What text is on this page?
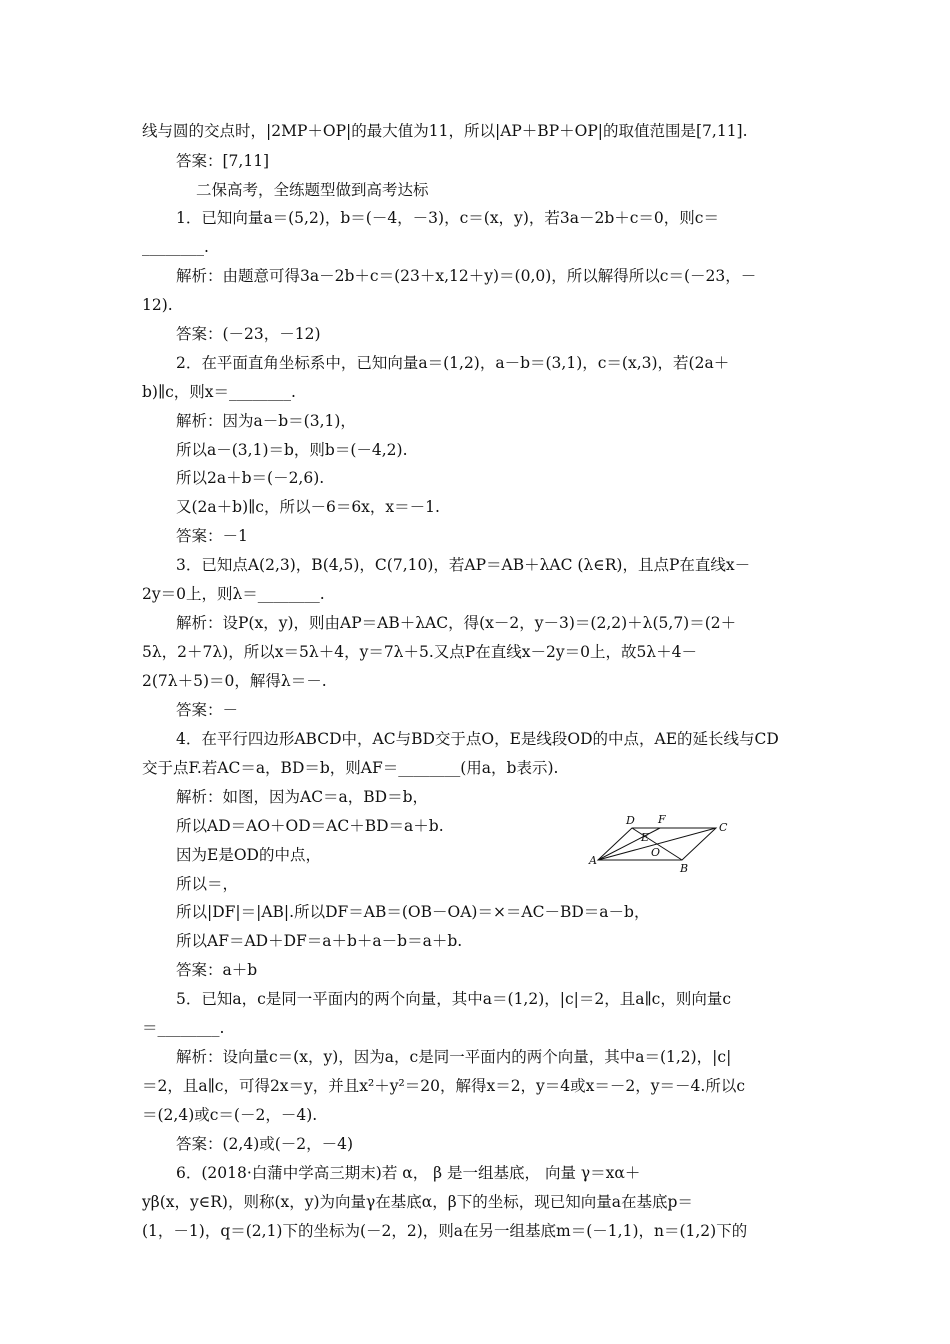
线与圆的交点时，|2MP＋OP|的最大值为11，所以|AP＋BP＋OP|的取值范围是[7,11].
答案：[7,11]
二保高考，全练题型做到高考达标
1．已知向量a＝(5,2)，b＝(－4，－3)，c＝(x，y)，若3a－2b＋c＝0，则c＝
________.
解析：由题意可得3a－2b＋c＝(23＋x,12＋y)＝(0,0)，所以解得所以c＝(－23，－
12).
答案：(－23，－12)
2．在平面直角坐标系中，已知向量a＝(1,2)，a－b＝(3,1)，c＝(x,3)，若(2a＋
b)∥c，则x＝________.
解析：因为a－b＝(3,1)，
所以a－(3,1)＝b，则b＝(－4,2).
所以2a＋b＝(－2,6).
又(2a＋b)∥c，所以－6＝6x，x＝－1.
答案：－1
3．已知点A(2,3)，B(4,5)，C(7,10)，若AP＝AB＋λAC (λ∈R)，且点P在直线x－
2y＝0上，则λ＝________.
解析：设P(x，y)，则由AP＝AB＋λAC，得(x－2，y－3)＝(2,2)＋λ(5,7)＝(2＋
5λ，2＋7λ)，所以x＝5λ＋4，y＝7λ＋5.又点P在直线x－2y＝0上，故5λ＋4－
2(7λ＋5)＝0，解得λ＝－.
答案：－
4．在平行四边形ABCD中，AC与BD交于点O，E是线段OD的中点，AE的延长线与CD
交于点F.若AC＝a，BD＝b，则AF＝________(用a，b表示).
解析：如图，因为AC＝a，BD＝b，
所以AD＝AO＋OD＝AC＋BD＝a＋b.
因为E是OD的中点，
所以＝，
所以|DF|＝|AB|.所以DF＝AB＝(OB－OA)＝×＝AC－BD＝a－b，
所以AF＝AD＋DF＝a＋b＋a－b＝a＋b.
答案：a＋b
5．已知a，c是同一平面内的两个向量，其中a＝(1,2)，|c|＝2，且a∥c，则向量c
＝________.
解析：设向量c＝(x，y)，因为a，c是同一平面内的两个向量，其中a＝(1,2)，|c|
＝2，且a∥c，可得2x＝y，并且x²＋y²＝20，解得x＝2，y＝4或x＝－2，y＝－4.所以c
＝(2,4)或c＝(－2，－4).
答案：(2,4)或(－2，－4)
6．(2018·白蒲中学高三期末)若 α， β 是一组基底， 向量 γ＝xα＋
yβ(x，y∈R)，则称(x，y)为向量γ在基底α，β下的坐标，现已知向量a在基底p＝
(1，－1)，q＝(2,1)下的坐标为(－2，2)，则a在另一组基底m＝(－1,1)，n＝(1,2)下的
D F
C
E
O
A
B
